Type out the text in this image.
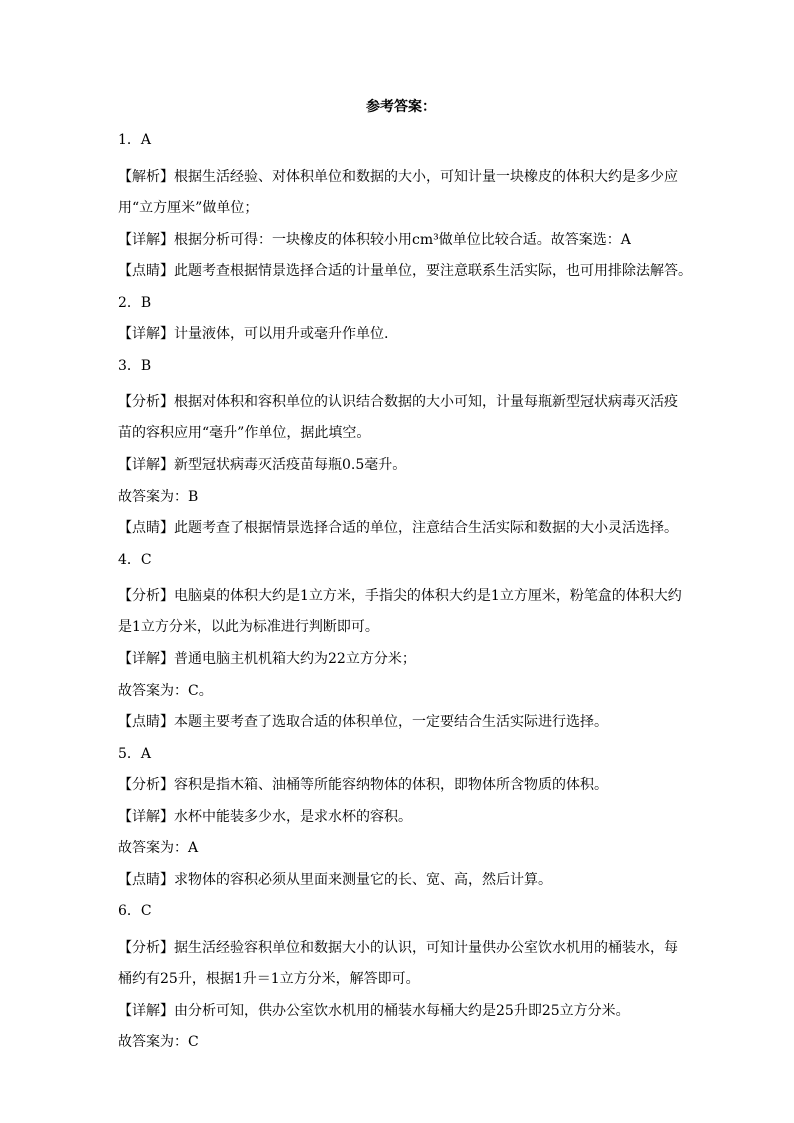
参考答案：
1．A
【解析】根据生活经验、对体积单位和数据的大小，可知计量一块橡皮的体积大约是多少应用“立方厘米”做单位；
【详解】根据分析可得：一块橡皮的体积较小用cm³做单位比较合适。故答案选：A
【点睛】此题考查根据情景选择合适的计量单位，要注意联系生活实际，也可用排除法解答。
2．B
【详解】计量液体，可以用升或毫升作单位.
3．B
【分析】根据对体积和容积单位的认识结合数据的大小可知，计量每瓶新型冠状病毒灭活疫苗的容积应用“毫升”作单位，据此填空。
【详解】新型冠状病毒灭活疫苗每瓶0.5毫升。
故答案为：B
【点睛】此题考查了根据情景选择合适的单位，注意结合生活实际和数据的大小灵活选择。
4．C
【分析】电脑桌的体积大约是1立方米，手指尖的体积大约是1立方厘米，粉笔盒的体积大约是1立方分米，以此为标准进行判断即可。
【详解】普通电脑主机机箱大约为22立方分米；
故答案为：C。
【点睛】本题主要考查了选取合适的体积单位，一定要结合生活实际进行选择。
5．A
【分析】容积是指木箱、油桶等所能容纳物体的体积，即物体所含物质的体积。
【详解】水杯中能装多少水，是求水杯的容积。
故答案为：A
【点睛】求物体的容积必须从里面来测量它的长、宽、高，然后计算。
6．C
【分析】据生活经验容积单位和数据大小的认识，可知计量供办公室饮水机用的桶装水，每桶约有25升，根据1升＝1立方分米，解答即可。
【详解】由分析可知，供办公室饮水机用的桶装水每桶大约是25升即25立方分米。
故答案为：C
